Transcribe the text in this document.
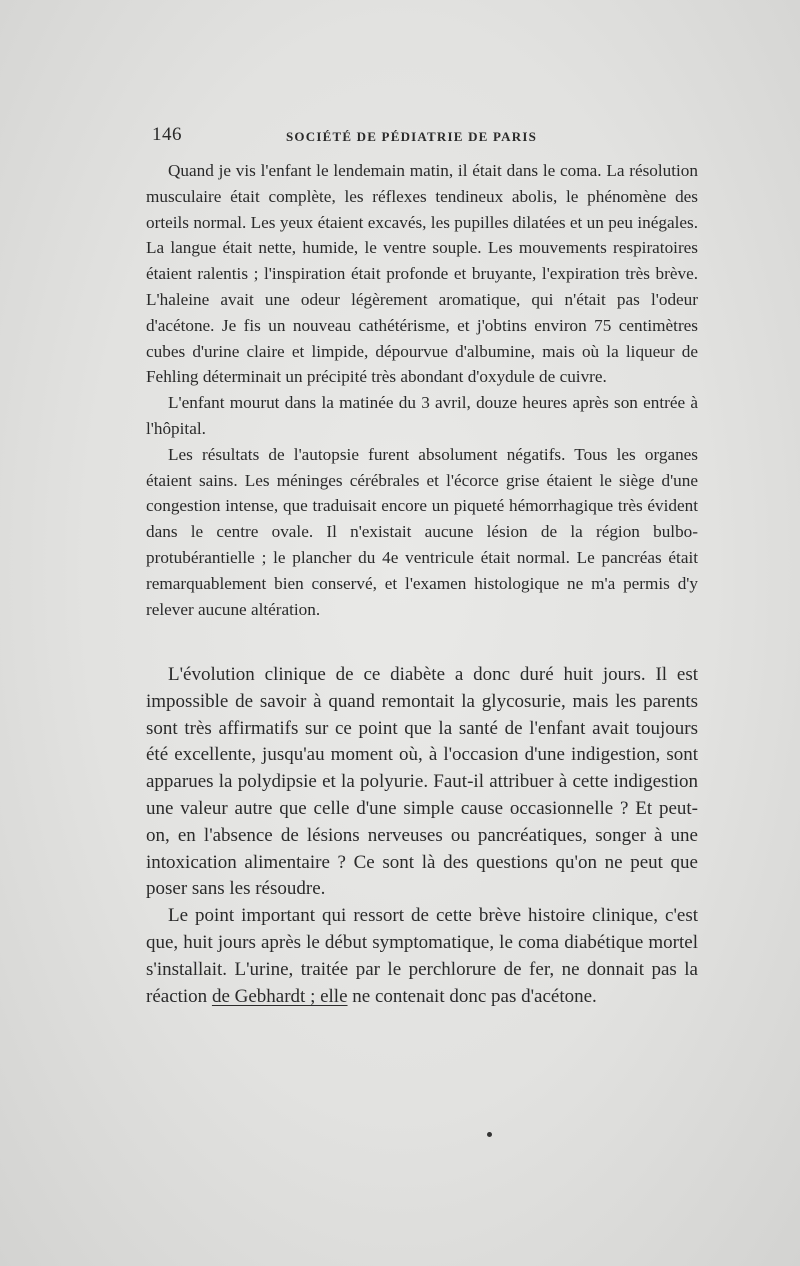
146	SOCIÉTÉ DE PÉDIATRIE DE PARIS

Quand je vis l'enfant le lendemain matin, il était dans le coma. La résolution musculaire était complète, les réflexes tendineux abolis, le phénomène des orteils normal. Les yeux étaient excavés, les pupilles dilatées et un peu inégales. La langue était nette, humide, le ventre souple. Les mouvements respiratoires étaient ralentis ; l'inspiration était profonde et bruyante, l'expiration très brève. L'haleine avait une odeur légèrement aromatique, qui n'était pas l'odeur d'acétone. Je fis un nouveau cathétérisme, et j'obtins environ 75 centimètres cubes d'urine claire et limpide, dépourvue d'albumine, mais où la liqueur de Fehling déterminait un précipité très abondant d'oxydule de cuivre.

L'enfant mourut dans la matinée du 3 avril, douze heures après son entrée à l'hôpital.

Les résultats de l'autopsie furent absolument négatifs. Tous les organes étaient sains. Les méninges cérébrales et l'écorce grise étaient le siège d'une congestion intense, que traduisait encore un piqueté hémorrhagique très évident dans le centre ovale. Il n'existait aucune lésion de la région bulbo-protubérantielle ; le plancher du 4e ventricule était normal. Le pancréas était remarquablement bien conservé, et l'examen histologique ne m'a permis d'y relever aucune altération.

L'évolution clinique de ce diabète a donc duré huit jours. Il est impossible de savoir à quand remontait la glycosurie, mais les parents sont très affirmatifs sur ce point que la santé de l'enfant avait toujours été excellente, jusqu'au moment où, à l'occasion d'une indigestion, sont apparues la polydipsie et la polyurie. Faut-il attribuer à cette indigestion une valeur autre que celle d'une simple cause occasionnelle ? Et peut-on, en l'absence de lésions nerveuses ou pancréatiques, songer à une intoxication alimentaire ? Ce sont là des questions qu'on ne peut que poser sans les résoudre.

Le point important qui ressort de cette brève histoire clinique, c'est que, huit jours après le début symptomatique, le coma diabétique mortel s'installait. L'urine, traitée par le perchlorure de fer, ne donnait pas la réaction de Gebhardt ; elle ne contenait donc pas d'acétone.
